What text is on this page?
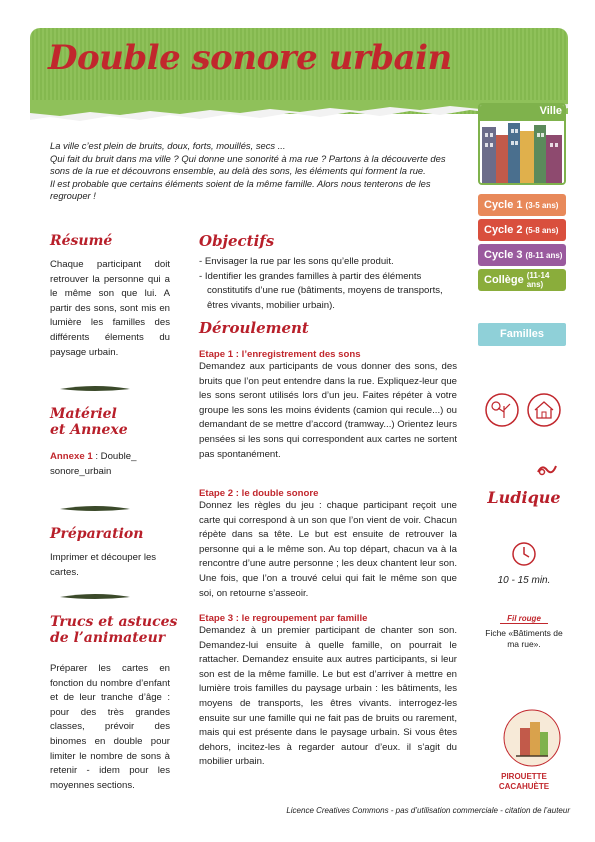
Double sonore urbain

La ville c’est plein de bruits, doux, forts, mouillés, secs ...

Qui fait du bruit dans ma ville ? Qui donne une sonorité à ma rue ? Partons à la découverte des sons de la rue et découvrons ensemble, au delà des sons, les éléments qui forment la rue.

Il est probable que certains éléments soient de la même famille. Alors nous tenterons de les regrouper !

Résumé
Chaque participant doit retrouver la personne qui a le même son que lui. A partir des sons, sont mis en lumière les familles des différents élements du paysage urbain.
Matériel
et Annexe
Annexe 1 : Double_ sonore_urbain
Préparation
Imprimer et découper les cartes.
Trucs et astuces
de l’animateur
Préparer les cartes en fonction du nombre d’enfant et de leur tranche d’âge : pour des très grandes classes, prévoir des binomes en double pour limiter le nombre de sons à retenir - idem pour les moyennes sections.
Objectifs
- Envisager la rue par les sons qu’elle produit.
- Identifier les grandes familles à partir des éléments constitutifs d’une rue (bâtiments, moyens de transports, êtres vivants, mobilier urbain).
Déroulement
Etape 1 : l’enregistrement des sons
Demandez aux participants de vous donner des sons, des bruits que l’on peut entendre dans la rue. Expliquez-leur que les sons seront utilisés lors d’un jeu. Faites répéter à votre groupe les sons les moins évidents (camion qui recule...) ou demandant de se mettre d’accord (tramway...) Orientez leurs pensées si les sons qui correspondent aux cartes ne sortent pas spontanément.
Etape 2 : le double sonore
Donnez les règles du jeu : chaque participant reçoit une carte qui correspond à un son que l’on vient de voir. Chacun répète dans sa tête. Le but est ensuite de retrouver la personne qui a le même son. Au top départ, chacun va à la rencontre d’une autre personne ; les deux chantent leur son. Une fois, que l’on a trouvé celui qui fait le même son que soi, on retourne s’asseoir.
Etape 3 : le regroupement par famille
Demandez à un premier participant de chanter son son. Demandez-lui ensuite à quelle famille, on pourrait le rattacher. Demandez ensuite aux autres participants, si leur son est de la même famille. Le but est d’arriver à mettre en lumière trois familles du paysage urbain : les bâtiments, les moyens de transports, les êtres vivants. interrogez-les ensuite sur une famille qui ne fait pas de bruits ou rarement, mais qui est présente dans le paysage urbain. Si vous êtes dehors, incitez-les à regarder autour d’eux. il s’agit du mobilier urbain.
Ville
Cycle 1 (3-5 ans)
Cycle 2 (5-8 ans)
Cycle 3 (8-11 ans)
Collège (11-14 ans)
Familles
Ludique
10 - 15 min.
Fil rouge
Fiche «Bâtiments de ma rue».
PIROUETTE
CACAHUÈTE
Licence Creatives Commons - pas d’utilisation commerciale - citation de l’auteur
